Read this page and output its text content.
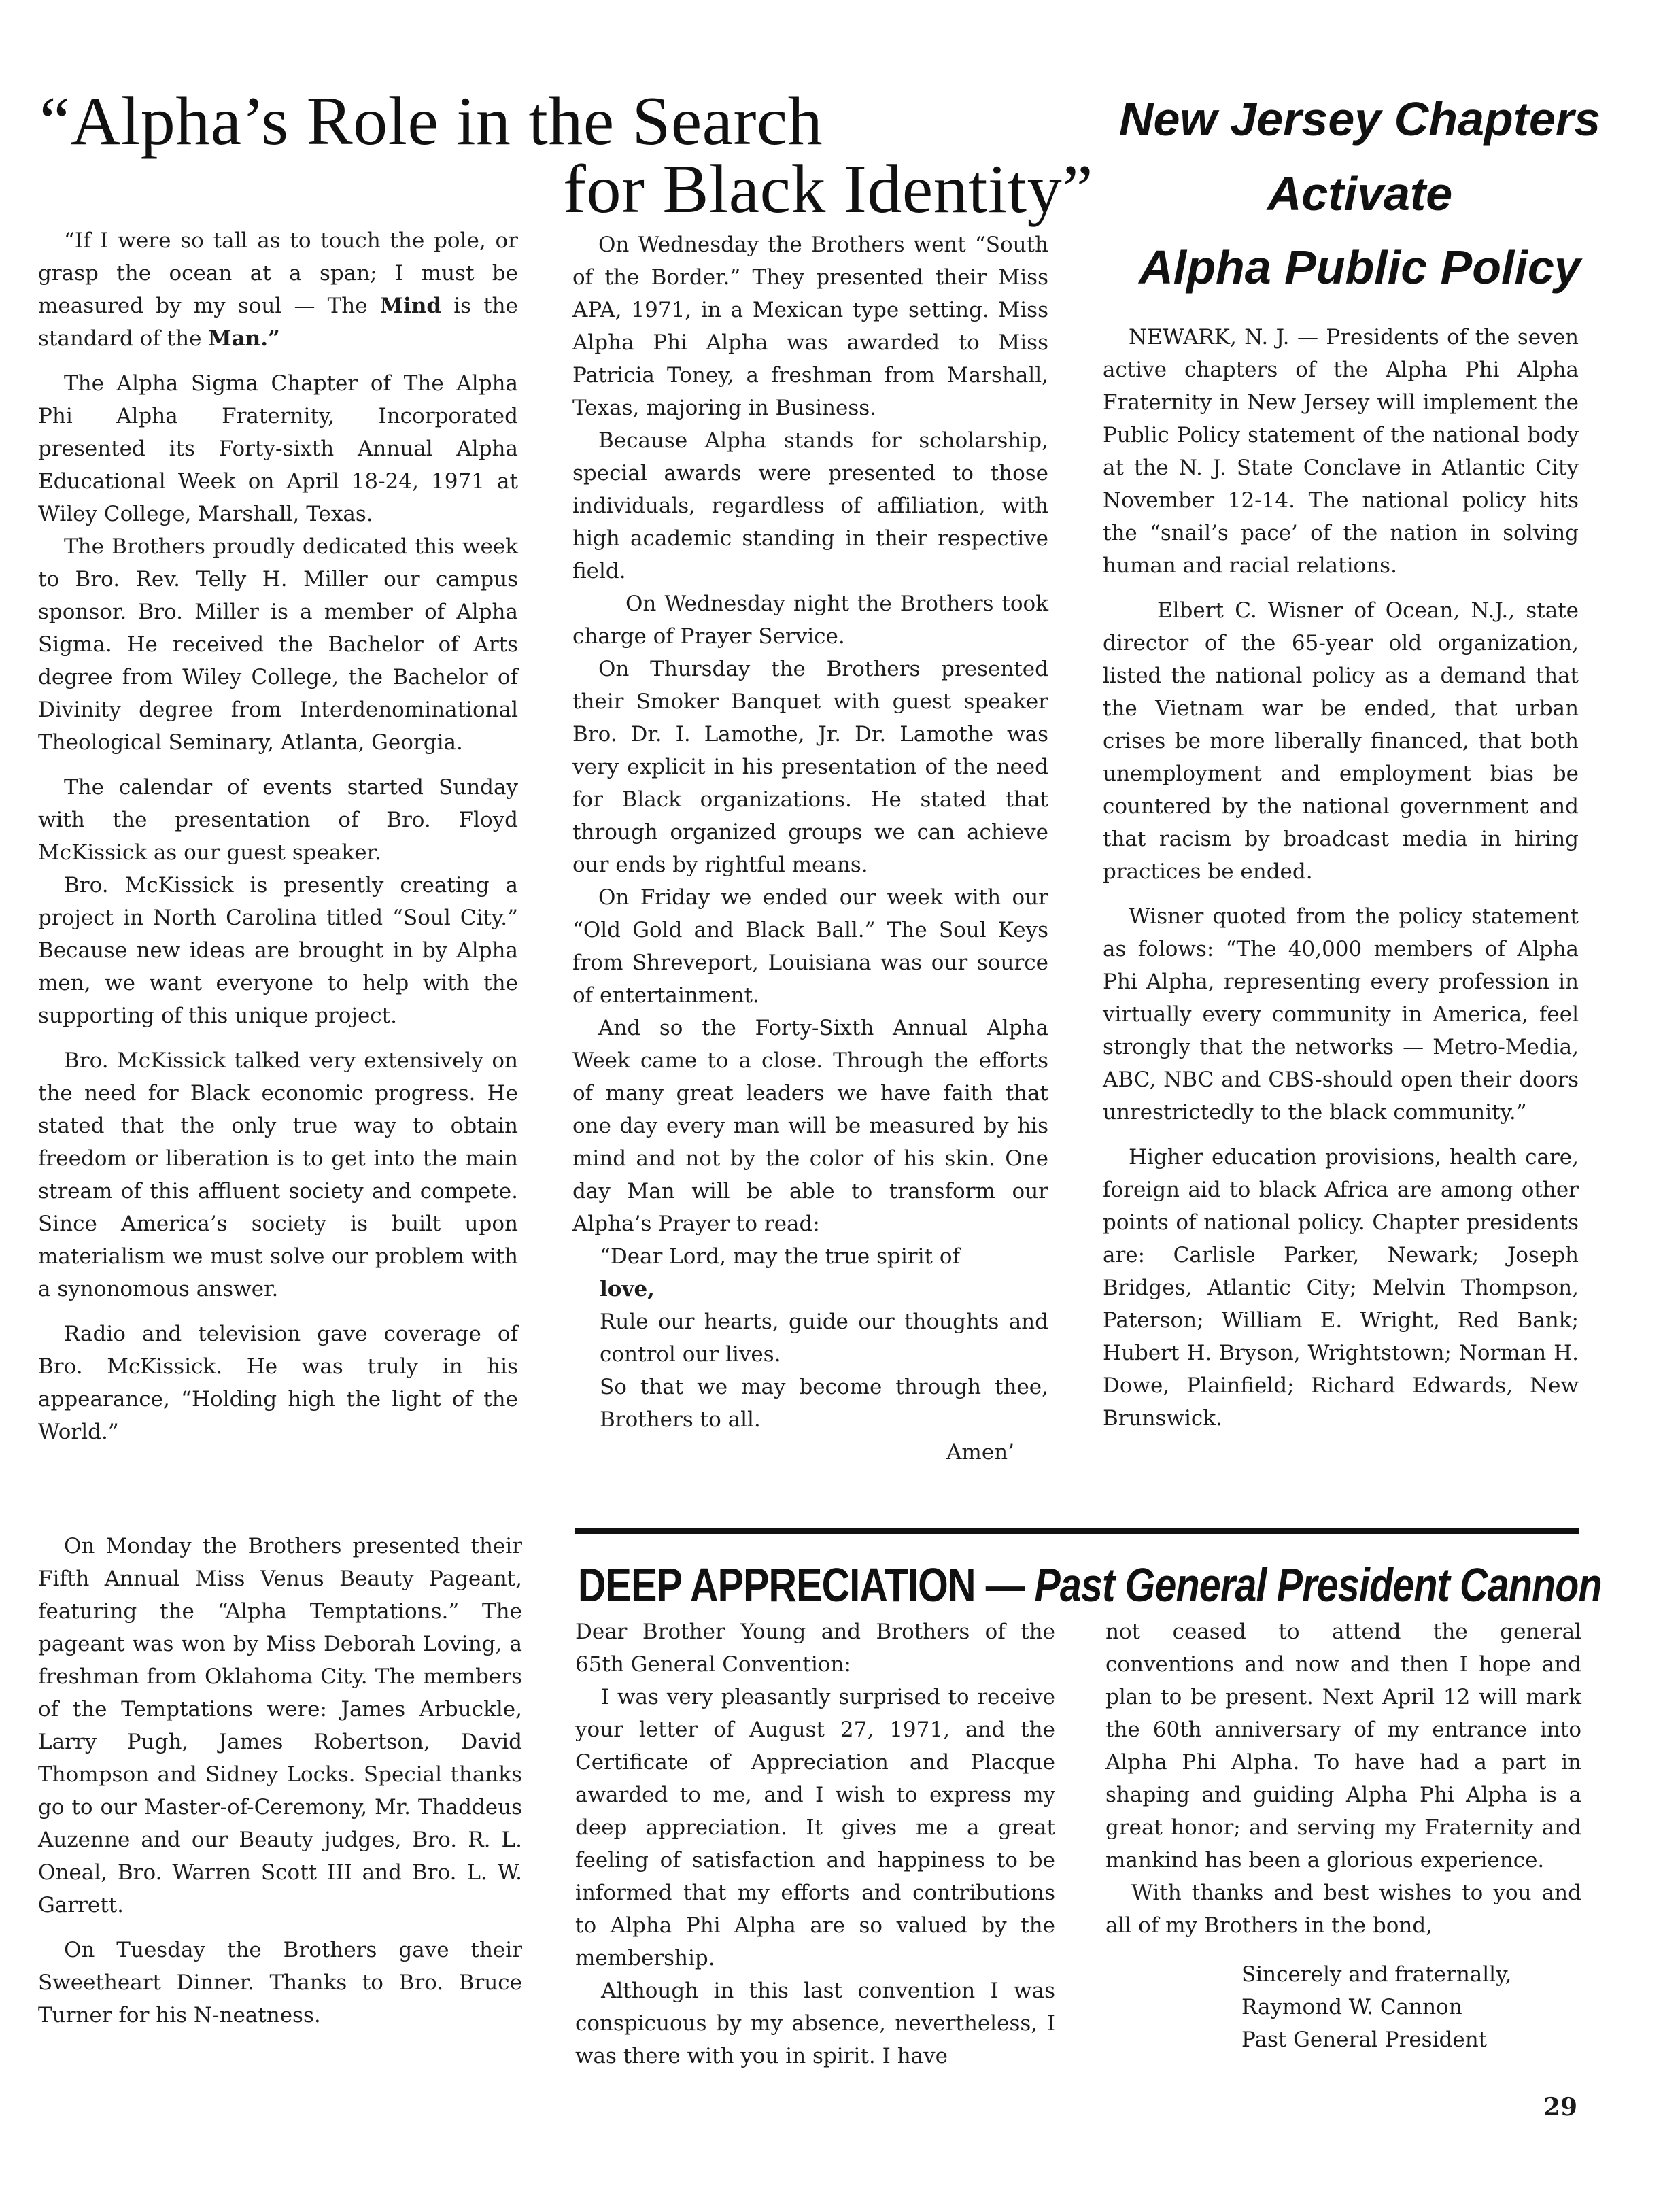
“Alpha’s Role in the Search
for Black Identity”

“If I were so tall as to touch the pole, or grasp the ocean at a span; I must be measured by my soul — The Mind is the standard of the Man.”

The Alpha Sigma Chapter of The Alpha Phi Alpha Fraternity, Incorporated presented its Forty-sixth Annual Alpha Educational Week on April 18-24, 1971 at Wiley College, Marshall, Texas.

The Brothers proudly dedicated this week to Bro. Rev. Telly H. Miller our campus sponsor. Bro. Miller is a member of Alpha Sigma. He received the Bachelor of Arts degree from Wiley College, the Bachelor of Divinity degree from Interdenominational Theological Seminary, Atlanta, Georgia.

The calendar of events started Sunday with the presentation of Bro. Floyd McKissick as our guest speaker.

Bro. McKissick is presently creating a project in North Carolina titled “Soul City.” Because new ideas are brought in by Alpha men, we want everyone to help with the supporting of this unique project.

Bro. McKissick talked very extensively on the need for Black economic progress. He stated that the only true way to obtain freedom or liberation is to get into the main stream of this affluent society and compete. Since America’s society is built upon materialism we must solve our problem with a synonomous answer.

Radio and television gave coverage of Bro. McKissick. He was truly in his appearance, “Holding high the light of the World.”

On Monday the Brothers presented their Fifth Annual Miss Venus Beauty Pageant, featuring the “Alpha Temptations.” The pageant was won by Miss Deborah Loving, a freshman from Oklahoma City. The members of the Temptations were: James Arbuckle, Larry Pugh, James Robertson, David Thompson and Sidney Locks. Special thanks go to our Master-of-Ceremony, Mr. Thaddeus Auzenne and our Beauty judges, Bro. R. L. Oneal, Bro. Warren Scott III and Bro. L. W. Garrett.

On Tuesday the Brothers gave their Sweetheart Dinner. Thanks to Bro. Bruce Turner for his N-neatness.

On Wednesday the Brothers went “South of the Border.” They presented their Miss APA, 1971, in a Mexican type setting. Miss Alpha Phi Alpha was awarded to Miss Patricia Toney, a freshman from Marshall, Texas, majoring in Business.

Because Alpha stands for scholarship, special awards were presented to those individuals, regardless of affiliation, with high academic standing in their respective field.

On Wednesday night the Brothers took charge of Prayer Service.

On Thursday the Brothers presented their Smoker Banquet with guest speaker Bro. Dr. I. Lamothe, Jr. Dr. Lamothe was very explicit in his presentation of the need for Black organizations. He stated that through organized groups we can achieve our ends by rightful means.

On Friday we ended our week with our “Old Gold and Black Ball.” The Soul Keys from Shreveport, Louisiana was our source of entertainment.

And so the Forty-Sixth Annual Alpha Week came to a close. Through the efforts of many great leaders we have faith that one day every man will be measured by his mind and not by the color of his skin. One day Man will be able to transform our Alpha’s Prayer to read:

“Dear Lord, may the true spirit of
love,
Rule our hearts, guide our thoughts and control our lives.
So that we may become through thee, Brothers to all.
Amen’
New Jersey Chapters
Activate
Alpha Public Policy

NEWARK, N. J. — Presidents of the seven active chapters of the Alpha Phi Alpha Fraternity in New Jersey will implement the Public Policy statement of the national body at the N. J. State Conclave in Atlantic City November 12-14. The national policy hits the “snail’s pace’ of the nation in solving human and racial relations.

Elbert C. Wisner of Ocean, N.J., state director of the 65-year old organization, listed the national policy as a demand that the Vietnam war be ended, that urban crises be more liberally financed, that both unemployment and employment bias be countered by the national government and that racism by broadcast media in hiring practices be ended.

Wisner quoted from the policy statement as folows: “The 40,000 members of Alpha Phi Alpha, representing every profession in virtually every community in America, feel strongly that the networks — Metro-Media, ABC, NBC and CBS-should open their doors unrestrictedly to the black community.”

Higher education provisions, health care, foreign aid to black Africa are among other points of national policy. Chapter presidents are: Carlisle Parker, Newark; Joseph Bridges, Atlantic City; Melvin Thompson, Paterson; William E. Wright, Red Bank; Hubert H. Bryson, Wrightstown; Norman H. Dowe, Plainfield; Richard Edwards, New Brunswick.

DEEP APPRECIATION — Past General President Cannon

Dear Brother Young and Brothers of the 65th General Convention:

I was very pleasantly surprised to receive your letter of August 27, 1971, and the Certificate of Appreciation and Placque awarded to me, and I wish to express my deep appreciation. It gives me a great feeling of satisfaction and happiness to be informed that my efforts and contributions to Alpha Phi Alpha are so valued by the membership.

Although in this last convention I was conspicuous by my absence, nevertheless, I was there with you in spirit. I have

not ceased to attend the general conventions and now and then I hope and plan to be present. Next April 12 will mark the 60th anniversary of my entrance into Alpha Phi Alpha. To have had a part in shaping and guiding Alpha Phi Alpha is a great honor; and serving my Fraternity and mankind has been a glorious experience.

With thanks and best wishes to you and all of my Brothers in the bond,

Sincerely and fraternally,
Raymond W. Cannon
Past General President
29
